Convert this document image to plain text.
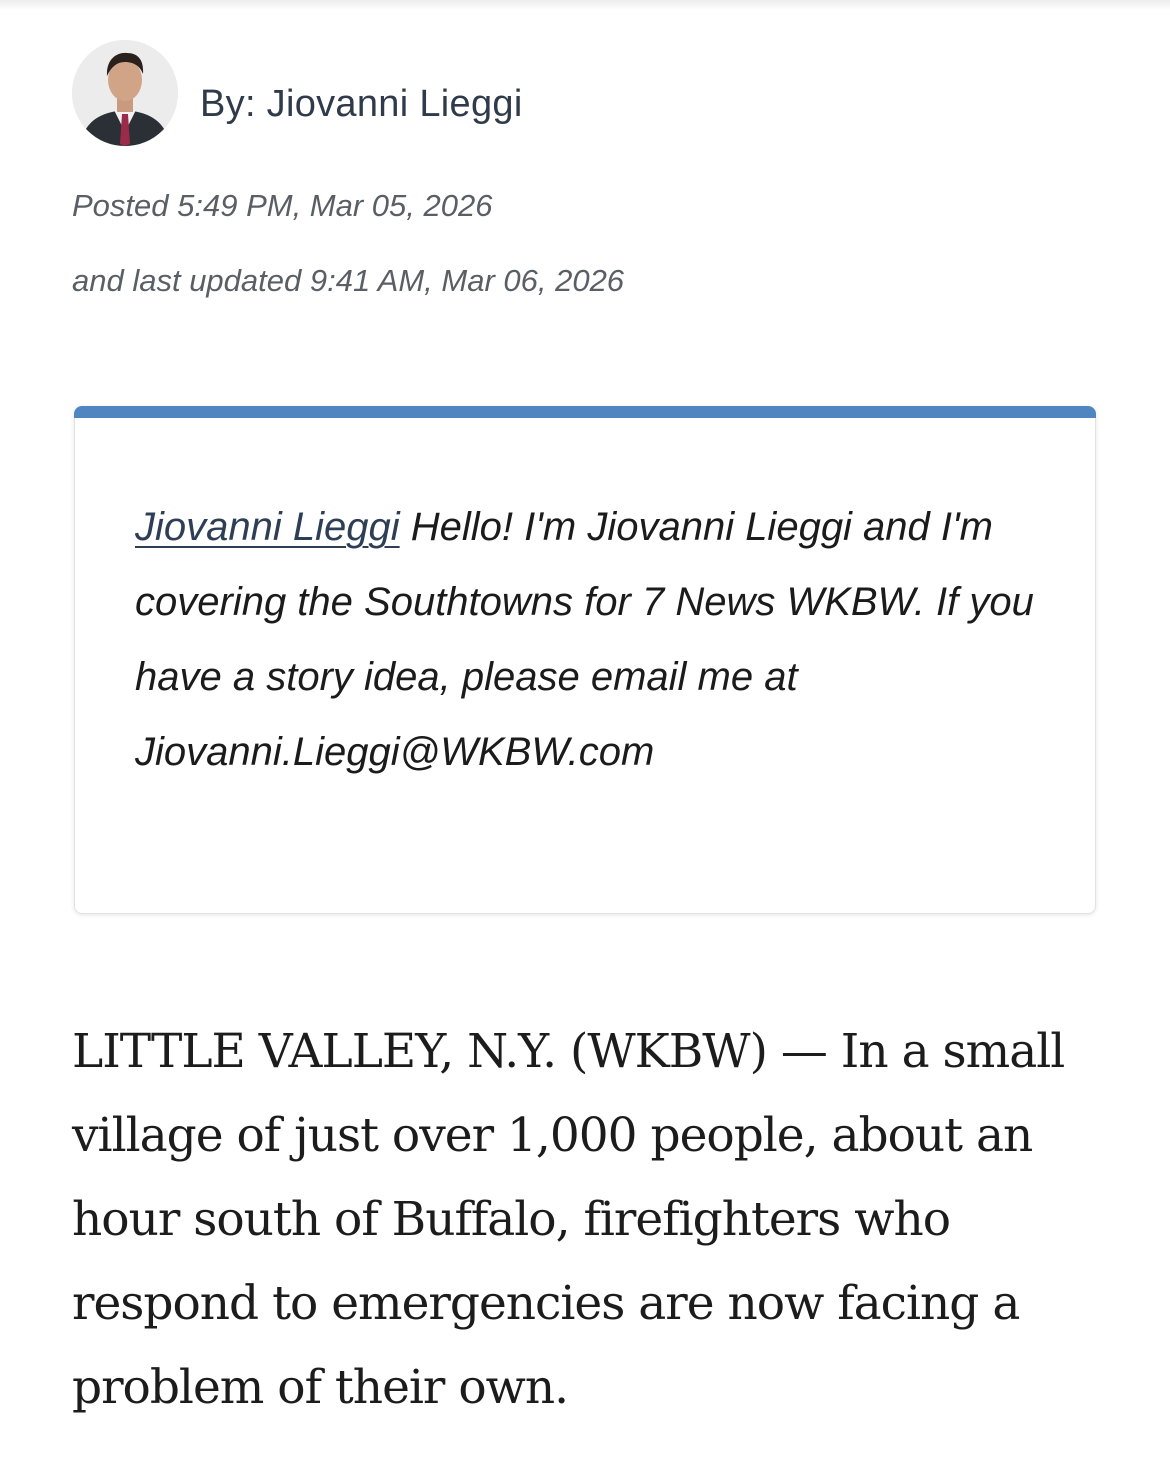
By: Jiovanni Lieggi
Posted 5:49 PM, Mar 05, 2026
and last updated 9:41 AM, Mar 06, 2026
Jiovanni Lieggi Hello! I'm Jiovanni Lieggi and I'm covering the Southtowns for 7 News WKBW. If you have a story idea, please email me at Jiovanni.Lieggi@WKBW.com

LITTLE VALLEY, N.Y. (WKBW) — In a small village of just over 1,000 people, about an hour south of Buffalo, firefighters who respond to emergencies are now facing a problem of their own.
